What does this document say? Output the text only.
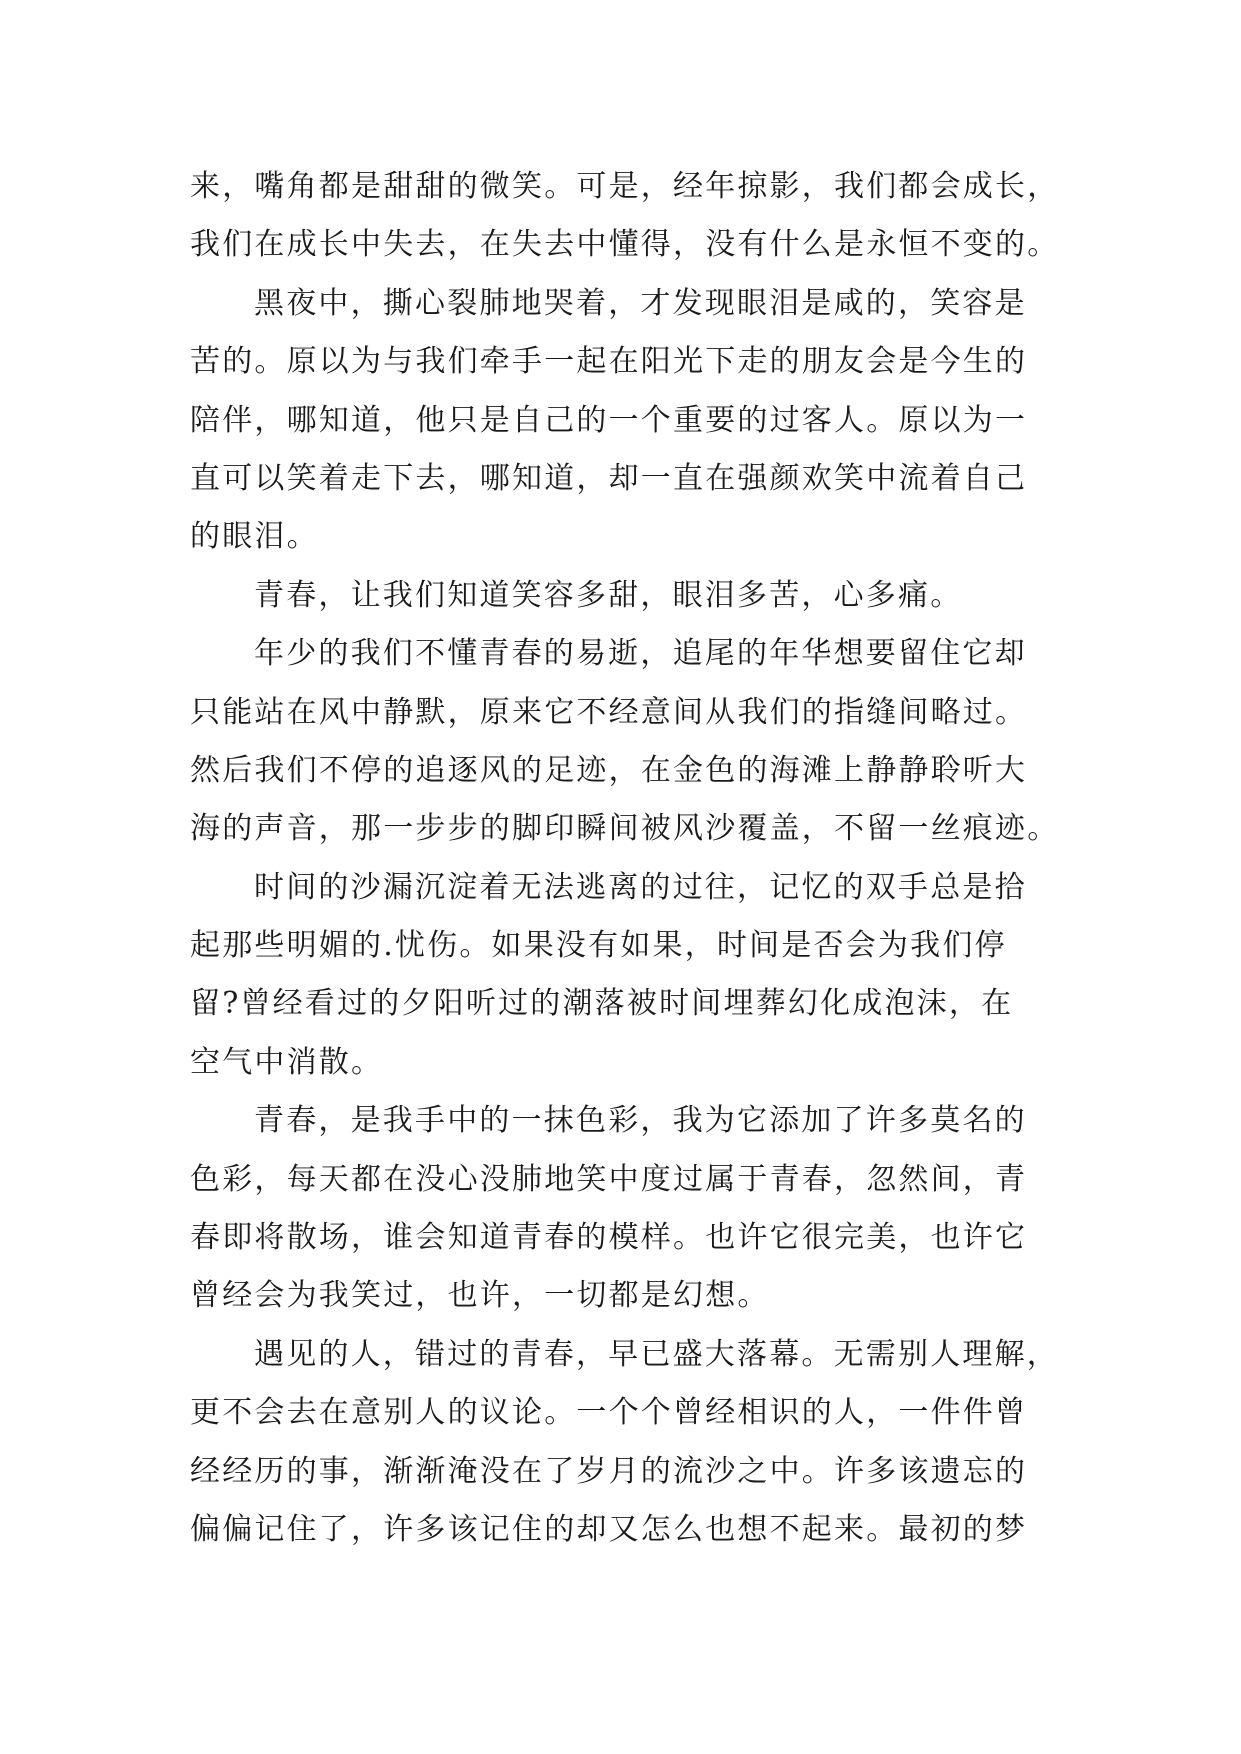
来，嘴角都是甜甜的微笑。可是，经年掠影，我们都会成长，
我们在成长中失去，在失去中懂得，没有什么是永恒不变的。
黑夜中，撕心裂肺地哭着，才发现眼泪是咸的，笑容是
苦的。原以为与我们牵手一起在阳光下走的朋友会是今生的
陪伴，哪知道，他只是自己的一个重要的过客人。原以为一
直可以笑着走下去，哪知道，却一直在强颜欢笑中流着自己
的眼泪。
青春，让我们知道笑容多甜，眼泪多苦，心多痛。
年少的我们不懂青春的易逝，追尾的年华想要留住它却
只能站在风中静默，原来它不经意间从我们的指缝间略过。
然后我们不停的追逐风的足迹，在金色的海滩上静静聆听大
海的声音，那一步步的脚印瞬间被风沙覆盖，不留一丝痕迹。
时间的沙漏沉淀着无法逃离的过往，记忆的双手总是拾
起那些明媚的.忧伤。如果没有如果，时间是否会为我们停
留?曾经看过的夕阳听过的潮落被时间埋葬幻化成泡沫，在
空气中消散。
青春，是我手中的一抹色彩，我为它添加了许多莫名的
色彩，每天都在没心没肺地笑中度过属于青春，忽然间，青
春即将散场，谁会知道青春的模样。也许它很完美，也许它
曾经会为我笑过，也许，一切都是幻想。
遇见的人，错过的青春，早已盛大落幕。无需别人理解，
更不会去在意别人的议论。一个个曾经相识的人，一件件曾
经经历的事，渐渐淹没在了岁月的流沙之中。许多该遗忘的
偏偏记住了，许多该记住的却又怎么也想不起来。最初的梦
